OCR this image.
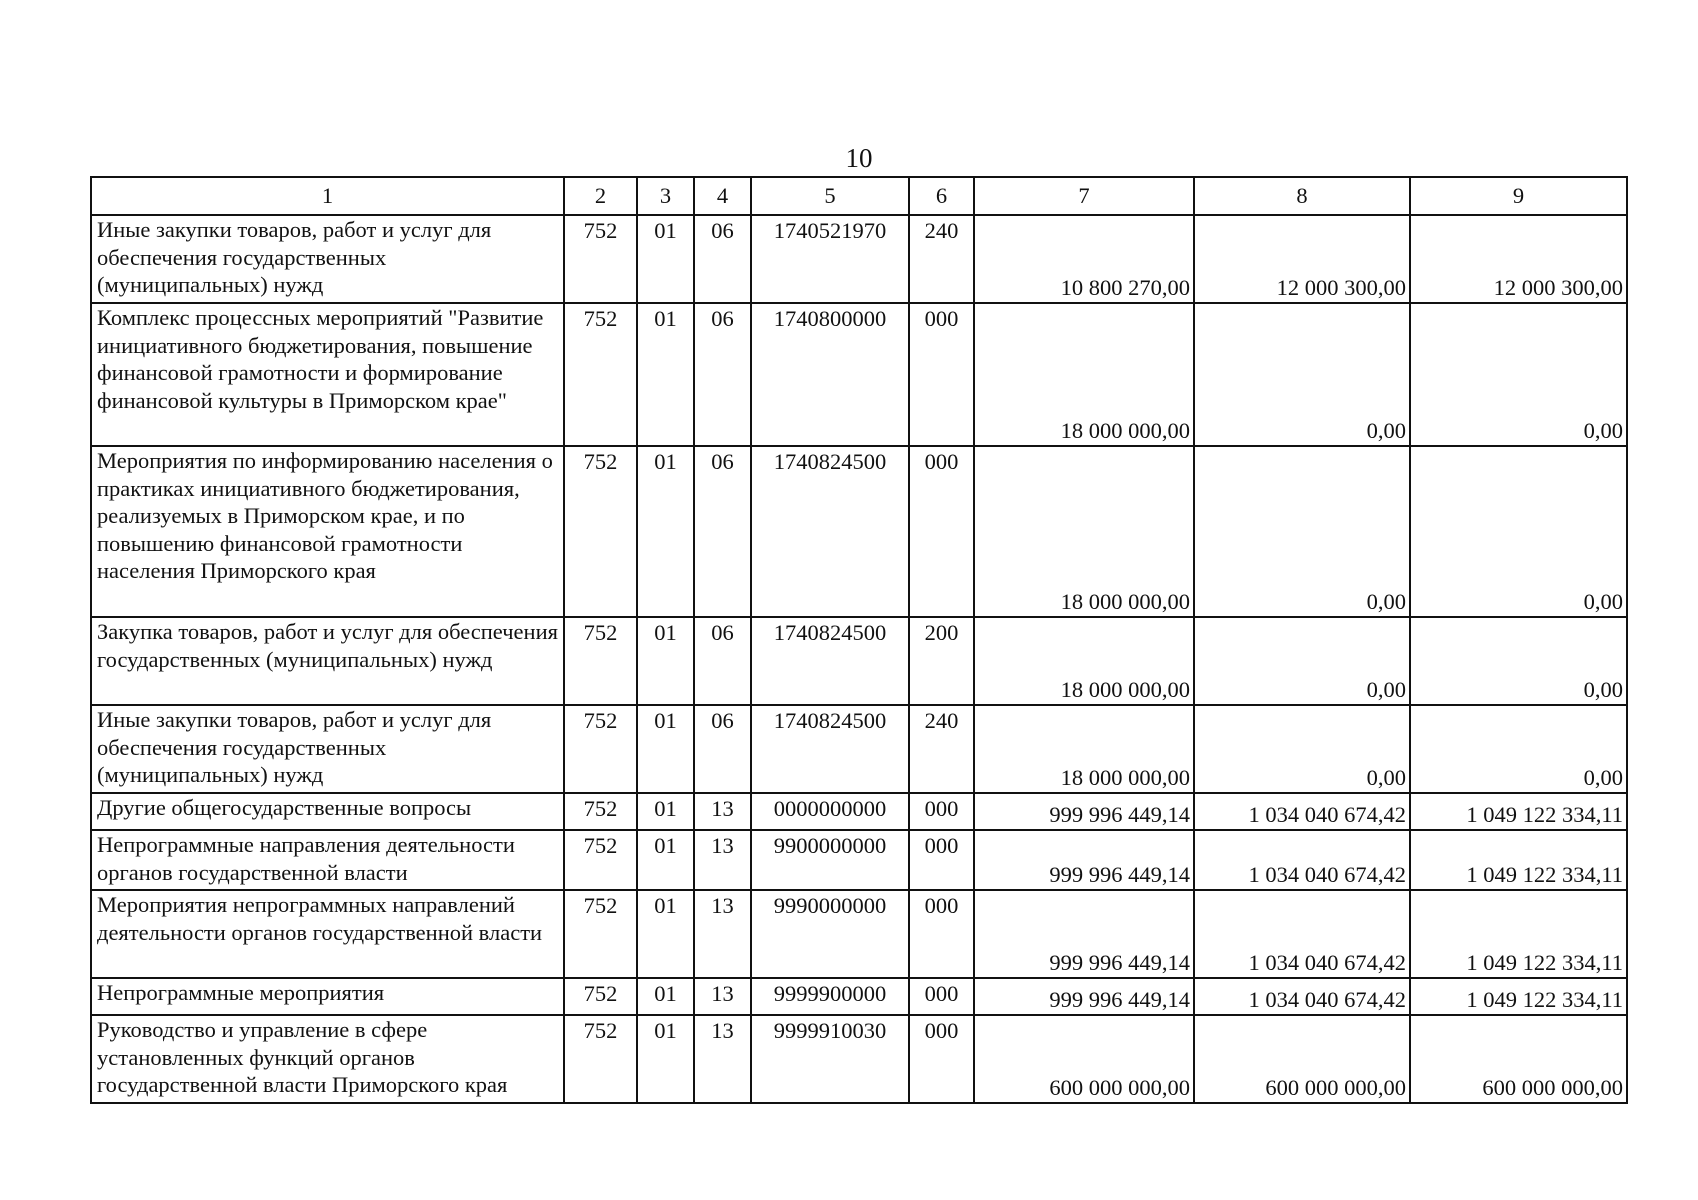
10
1	2	3	4	5	6	7	8	9
Иные закупки товаров, работ и услуг для обеспечения государственных (муниципальных) нужд	752	01	06	1740521970	240	10 800 270,00	12 000 300,00	12 000 300,00
Комплекс процессных мероприятий "Развитие инициативного бюджетирования, повышение финансовой грамотности и формирование финансовой культуры в Приморском крае"	752	01	06	1740800000	000	18 000 000,00	0,00	0,00
Мероприятия по информированию населения о практиках инициативного бюджетирования, реализуемых в Приморском крае, и по повышению финансовой грамотности населения Приморского края	752	01	06	1740824500	000	18 000 000,00	0,00	0,00
Закупка товаров, работ и услуг для обеспечения государственных (муниципальных) нужд	752	01	06	1740824500	200	18 000 000,00	0,00	0,00
Иные закупки товаров, работ и услуг для обеспечения государственных (муниципальных) нужд	752	01	06	1740824500	240	18 000 000,00	0,00	0,00
Другие общегосударственные вопросы	752	01	13	0000000000	000	999 996 449,14	1 034 040 674,42	1 049 122 334,11
Непрограммные направления деятельности органов государственной власти	752	01	13	9900000000	000	999 996 449,14	1 034 040 674,42	1 049 122 334,11
Мероприятия непрограммных направлений деятельности органов государственной власти	752	01	13	9990000000	000	999 996 449,14	1 034 040 674,42	1 049 122 334,11
Непрограммные мероприятия	752	01	13	9999900000	000	999 996 449,14	1 034 040 674,42	1 049 122 334,11
Руководство и управление в сфере установленных функций органов государственной власти Приморского края	752	01	13	9999910030	000	600 000 000,00	600 000 000,00	600 000 000,00
